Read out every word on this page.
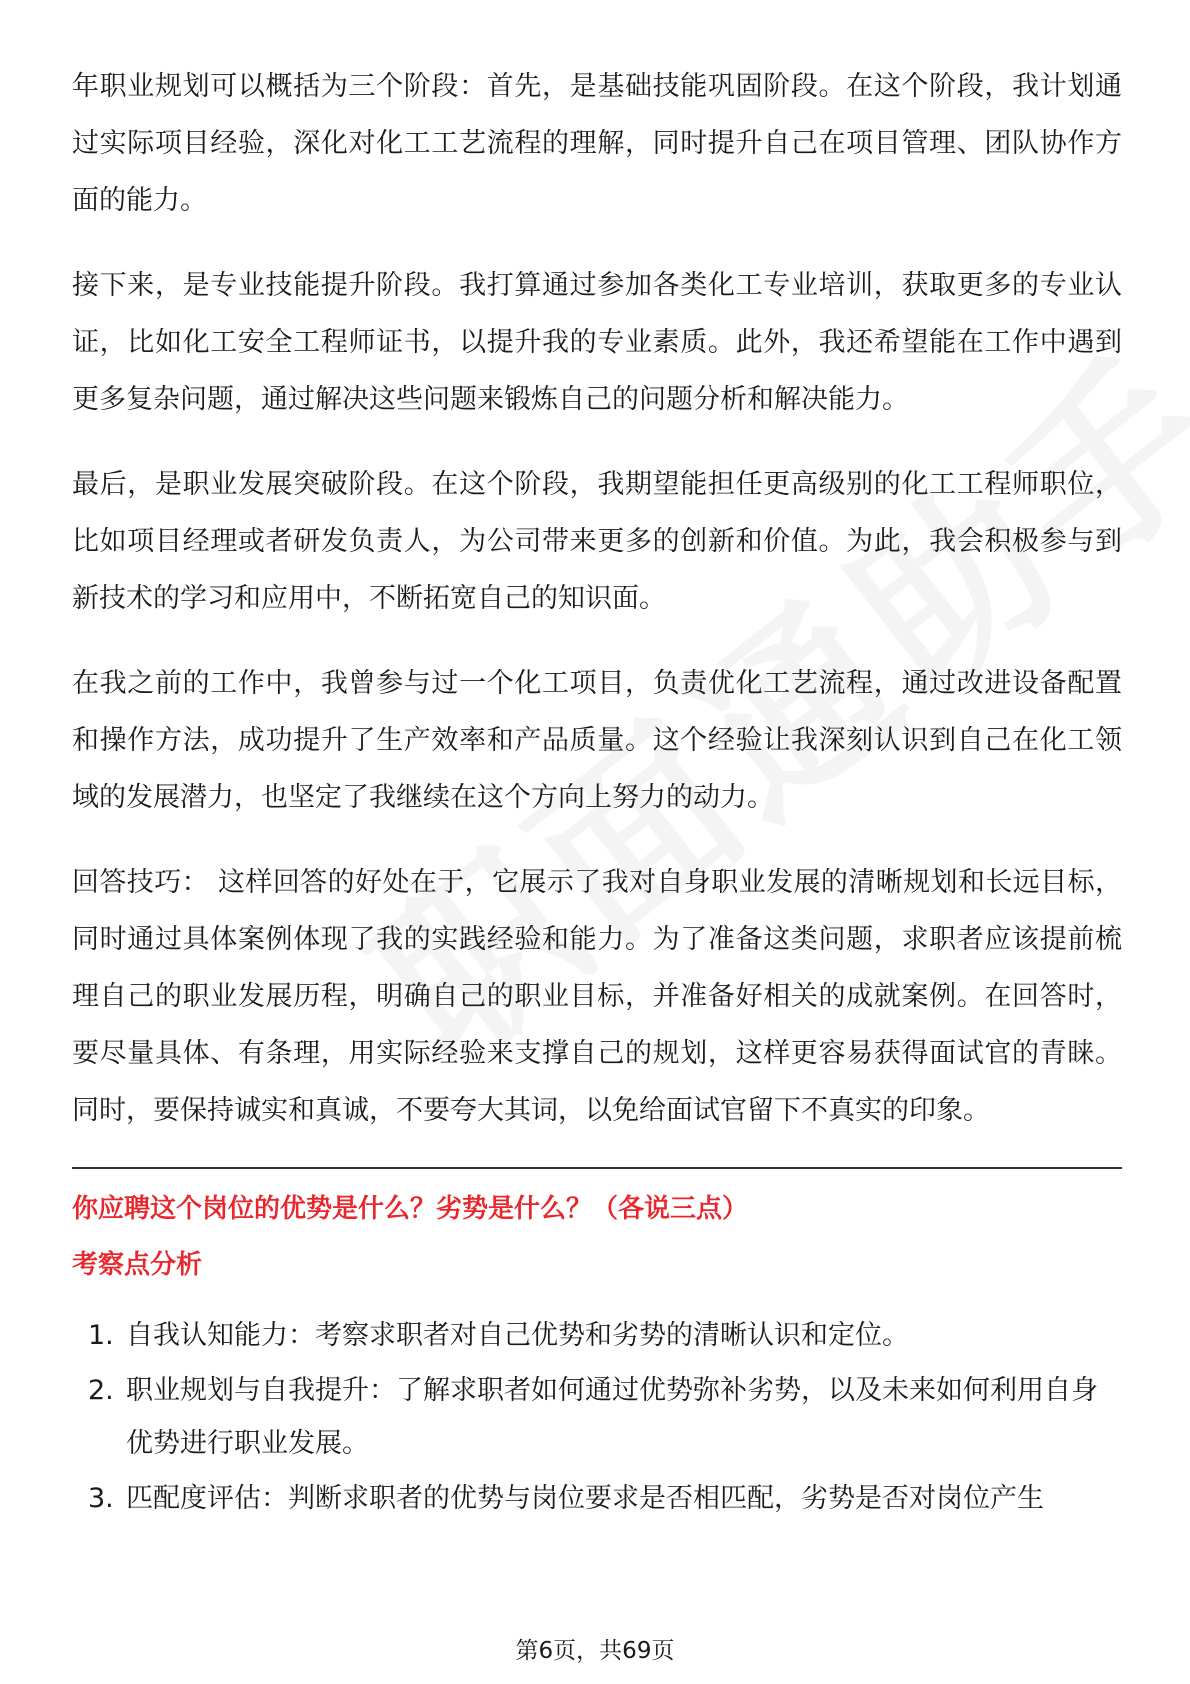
年职业规划可以概括为三个阶段：首先，是基础技能巩固阶段。在这个阶段，我计划通过实际项目经验，深化对化工工艺流程的理解，同时提升自己在项目管理、团队协作方面的能力。

接下来，是专业技能提升阶段。我打算通过参加各类化工专业培训，获取更多的专业认证，比如化工安全工程师证书，以提升我的专业素质。此外，我还希望能在工作中遇到更多复杂问题，通过解决这些问题来锻炼自己的问题分析和解决能力。

最后，是职业发展突破阶段。在这个阶段，我期望能担任更高级别的化工工程师职位，比如项目经理或者研发负责人，为公司带来更多的创新和价值。为此，我会积极参与到新技术的学习和应用中，不断拓宽自己的知识面。

在我之前的工作中，我曾参与过一个化工项目，负责优化工艺流程，通过改进设备配置和操作方法，成功提升了生产效率和产品质量。这个经验让我深刻认识到自己在化工领域的发展潜力，也坚定了我继续在这个方向上努力的动力。

回答技巧： 这样回答的好处在于，它展示了我对自身职业发展的清晰规划和长远目标，同时通过具体案例体现了我的实践经验和能力。为了准备这类问题，求职者应该提前梳理自己的职业发展历程，明确自己的职业目标，并准备好相关的成就案例。在回答时，要尽量具体、有条理，用实际经验来支撑自己的规划，这样更容易获得面试官的青睐。同时，要保持诚实和真诚，不要夸大其词，以免给面试官留下不真实的印象。

你应聘这个岗位的优势是什么？劣势是什么？（各说三点）
考察点分析
1. 自我认知能力：考察求职者对自己优势和劣势的清晰认识和定位。
2. 职业规划与自我提升：了解求职者如何通过优势弥补劣势，以及未来如何利用自身优势进行职业发展。
3. 匹配度评估：判断求职者的优势与岗位要求是否相匹配，劣势是否对岗位产生
第6页，共69页
